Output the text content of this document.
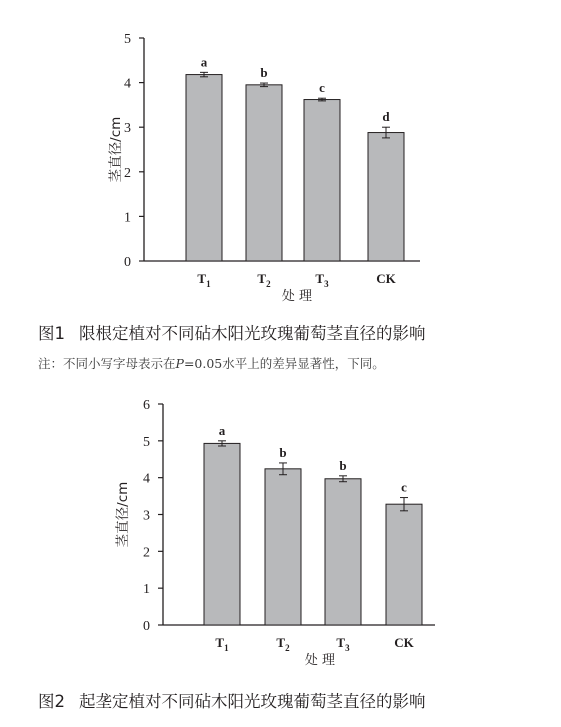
0
1
2
3
4
5
a
$T_1$
b
$T_2$
c
$T_3$
d
CK
处 理
茎直径/cm
图1 限根定植对不同砧木阳光玫瑰葡萄茎直径的影响
注：不同小写字母表示在P=0.05水平上的差异显著性，下同。
0
1
2
3
4
5
6
a
$T_1$
b
$T_2$
b
$T_3$
c
CK
处 理
茎直径/cm
图2 起垄定植对不同砧木阳光玫瑰葡萄茎直径的影响
